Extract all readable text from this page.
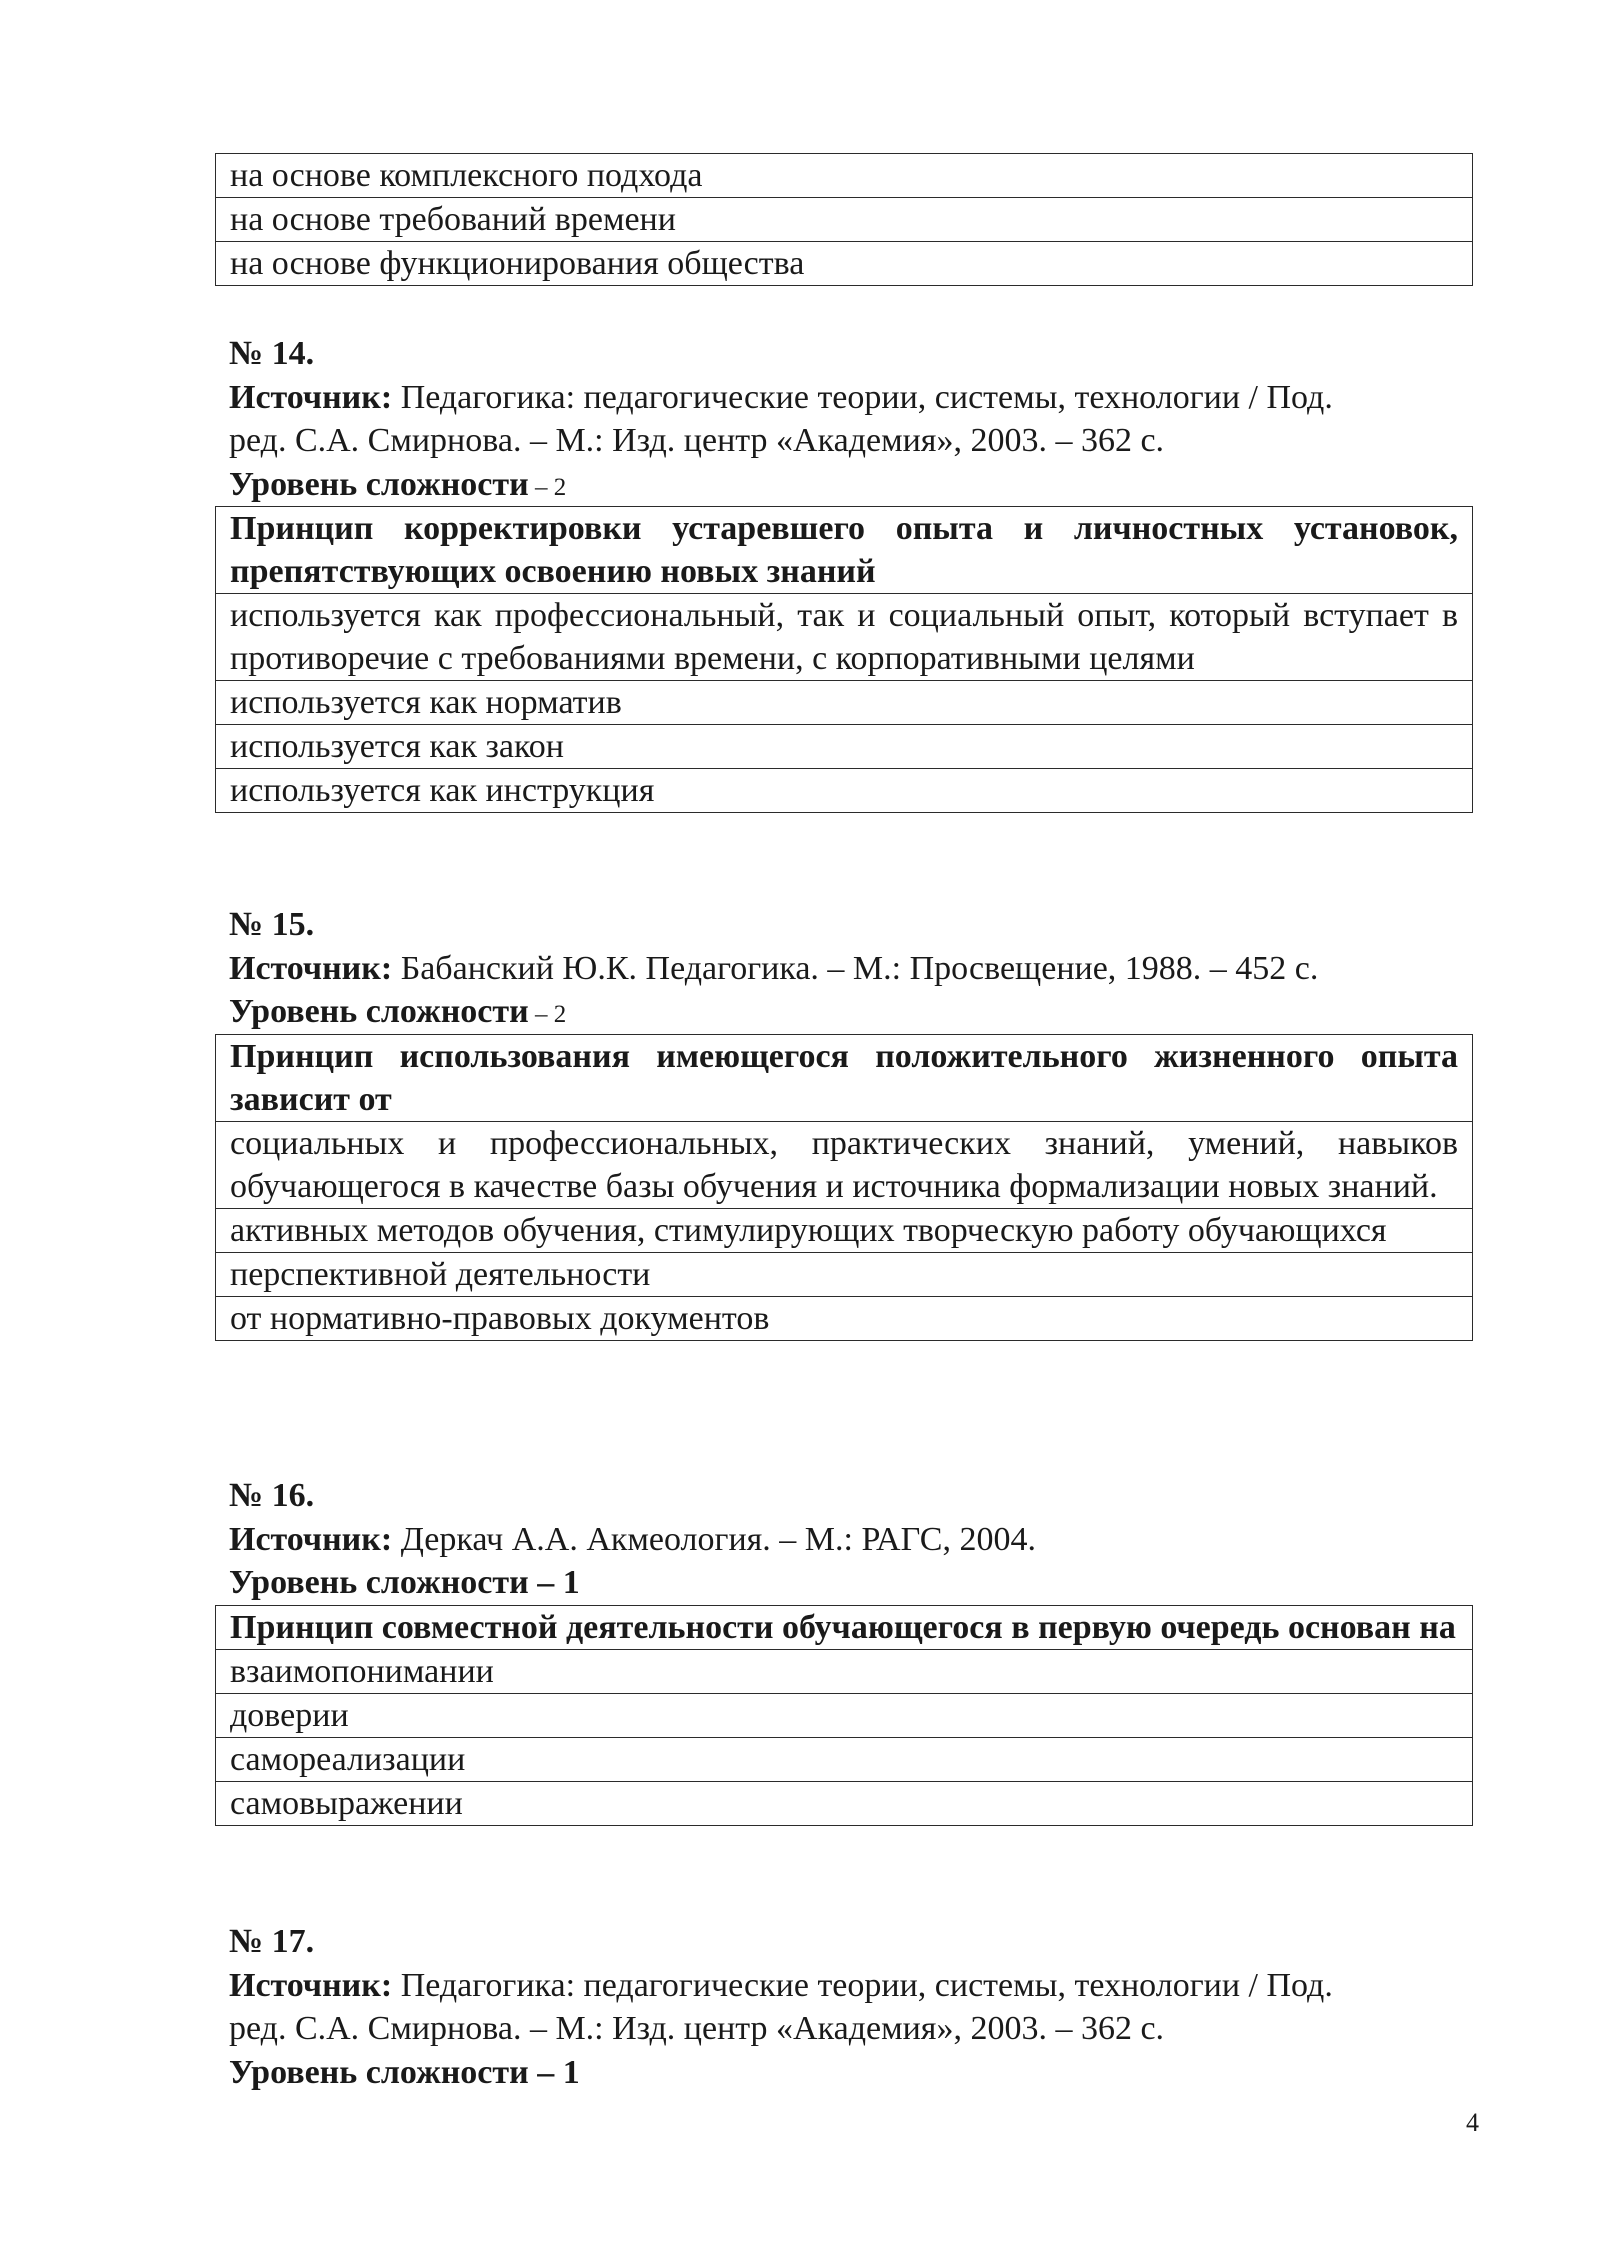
на основе комплексного подхода
на основе требований времени
на основе функционирования общества
№ 14.
Источник: Педагогика: педагогические теории, системы, технологии / Под.
ред. С.А. Смирнова. – М.: Изд. центр «Академия», 2003. – 362 с.
Уровень сложности – 2
Принцип корректировки устаревшего опыта и личностных установок, препятствующих освоению новых знаний
используется как профессиональный, так и социальный опыт, который вступает в противоречие с требованиями времени, с корпоративными целями
используется как норматив
используется как закон
используется как инструкция
№ 15.
Источник: Бабанский Ю.К. Педагогика. – М.: Просвещение, 1988. – 452 с.
Уровень сложности – 2
Принцип использования имеющегося положительного жизненного опыта зависит от
социальных и профессиональных, практических знаний, умений, навыков обучающегося в качестве базы обучения и источника формализации новых знаний.
активных методов обучения, стимулирующих творческую работу обучающихся
перспективной деятельности
от нормативно-правовых документов
№ 16.
Источник: Деркач А.А. Акмеология. – М.: РАГС, 2004.
Уровень сложности – 1
Принцип совместной деятельности обучающегося в первую очередь основан на
взаимопонимании
доверии
самореализации
самовыражении
№ 17.
Источник: Педагогика: педагогические теории, системы, технологии / Под.
ред. С.А. Смирнова. – М.: Изд. центр «Академия», 2003. – 362 с.
Уровень сложности – 1
4
